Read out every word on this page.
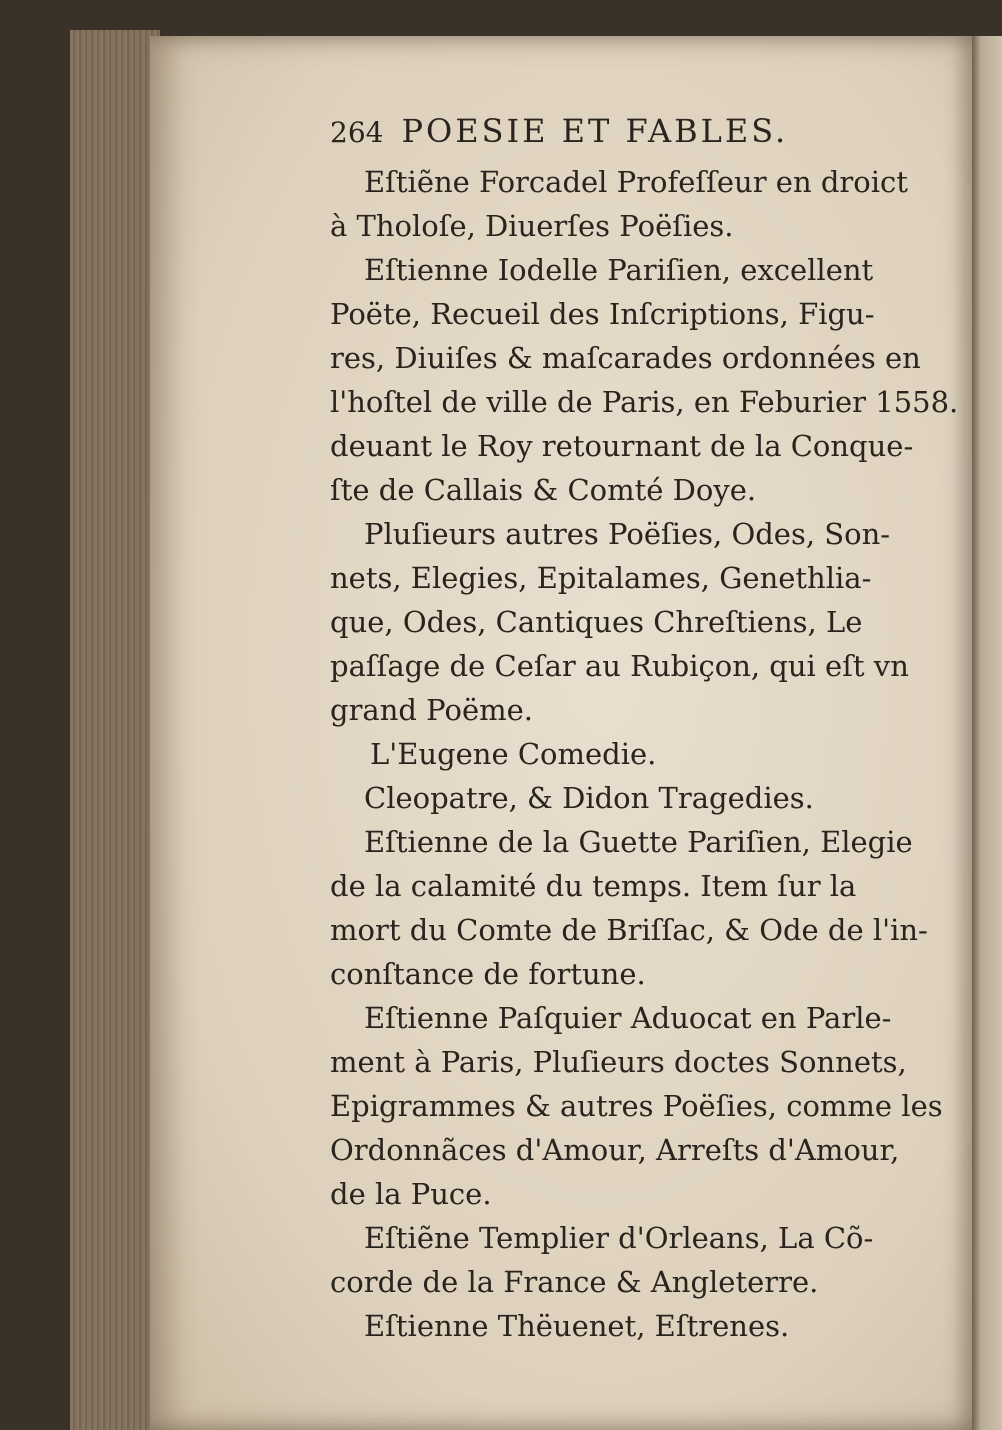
264 POESIE ET FABLES.
Eſtiẽne Forcadel Profeſſeur en droict
à Tholoſe, Diuerſes Poëſies.
Eſtienne Iodelle Pariſien, excellent
Poëte, Recueil des Inſcriptions, Figu-
res, Diuiſes & maſcarades ordonnées en
l'hoſtel de ville de Paris, en Feburier 1558.
deuant le Roy retournant de la Conque-
ſte de Callais & Comté Doye.
Pluſieurs autres Poëſies, Odes, Son-
nets, Elegies, Epitalames, Genethlia-
que, Odes, Cantiques Chreſtiens, Le
paſſage de Ceſar au Rubiçon, qui eſt vn
grand Poëme.
L'Eugene Comedie.
Cleopatre, & Didon Tragedies.
Eſtienne de la Guette Pariſien, Elegie
de la calamité du temps. Item ſur la
mort du Comte de Briſſac, & Ode de l'in-
conſtance de fortune.
Eſtienne Paſquier Aduocat en Parle-
ment à Paris, Pluſieurs doctes Sonnets,
Epigrammes & autres Poëſies, comme les
Ordonnãces d'Amour, Arreſts d'Amour,
de la Puce.
Eſtiẽne Templier d'Orleans, La Cõ-
corde de la France & Angleterre.
Eſtienne Thëuenet, Eſtrenes.
